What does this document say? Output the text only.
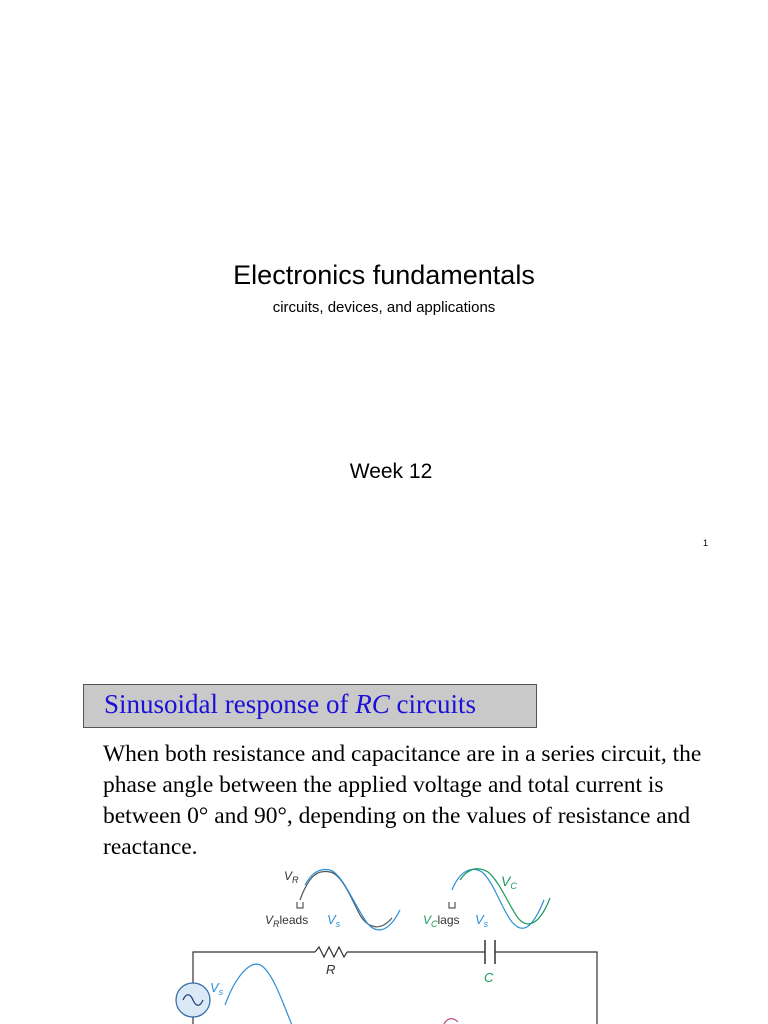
Electronics fundamentals
circuits, devices, and applications
Week 12
1
Sinusoidal response of RC circuits
When both resistance and capacitance are in a series circuit, the phase angle between the applied voltage and total current is between 0° and 90°, depending on the values of resistance and reactance.
$V_R$
$V_Rleads$ $V_s$
$V_C$
$V_Clags$ $V_s$
R
C
$V_s$
